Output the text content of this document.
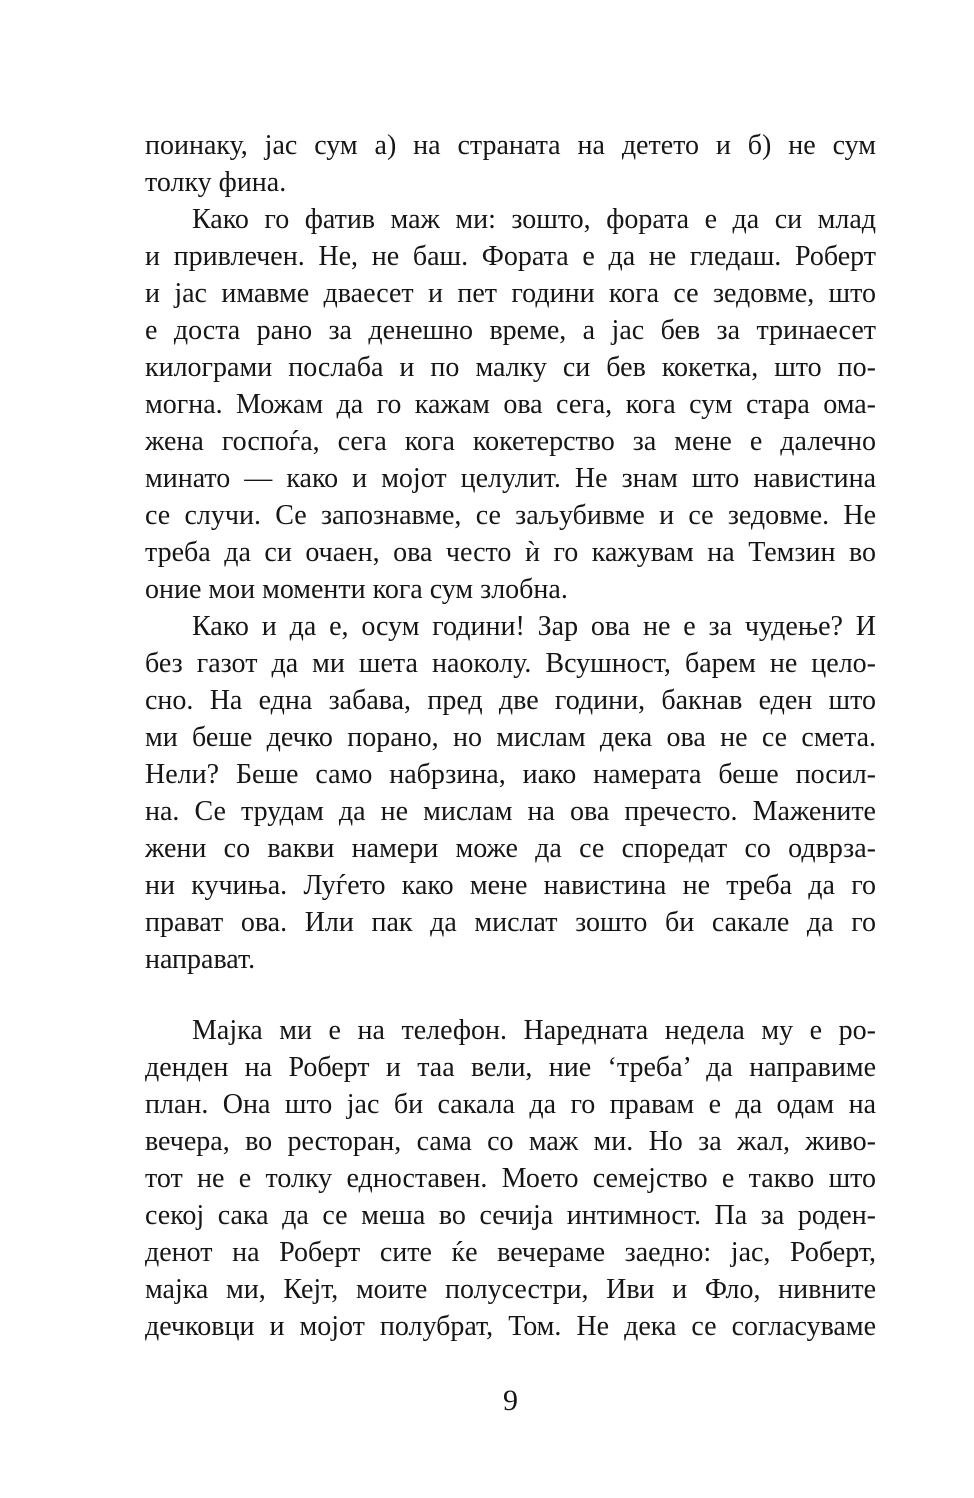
поинаку, јас сум а) на страната на детето и б) не сум
толку фина.
Како го фатив маж ми: зошто, фората е да си млад
и привлечен. Не, не баш. Фората е да не гледаш. Роберт
и јас имавме дваесет и пет години кога се зедовме, што
е доста рано за денешно време, а јас бев за тринаесет
килограми послаба и по малку си бев кокетка, што по-
могна. Можам да го кажам ова сега, кога сум стара ома-
жена госпоѓа, сега кога кокетерство за мене е далечно
минато — како и мојот целулит. Не знам што навистина
се случи. Се запознавме, се заљубивме и се зедовме. Не
треба да си очаен, ова често ѝ го кажувам на Темзин во
оние мои моменти кога сум злобна.
Како и да е, осум години! Зар ова не е за чудење? И
без газот да ми шета наоколу. Всушност, барем не цело-
сно. На една забава, пред две години, бакнав еден што
ми беше дечко порано, но мислам дека ова не се смета.
Нели? Беше само набрзина, иако намерата беше посил-
на. Се трудам да не мислам на ова пречесто. Мажените
жени со вакви намери може да се споредат со одврза-
ни кучиња. Луѓето како мене навистина не треба да го
прават ова. Или пак да мислат зошто би сакале да го
направат.
Мајка ми е на телефон. Наредната недела му е ро-
денден на Роберт и таа вели, ние ‘треба’ да направиме
план. Она што јас би сакала да го правам е да одам на
вечера, во ресторан, сама со маж ми. Но за жал, живо-
тот не е толку едноставен. Моето семејство е такво што
секој сака да се меша во сечија интимност. Па за роден-
денот на Роберт сите ќе вечераме заедно: јас, Роберт,
мајка ми, Кејт, моите полусестри, Иви и Фло, нивните
дечковци и мојот полубрат, Том. Не дека се согласуваме
9
